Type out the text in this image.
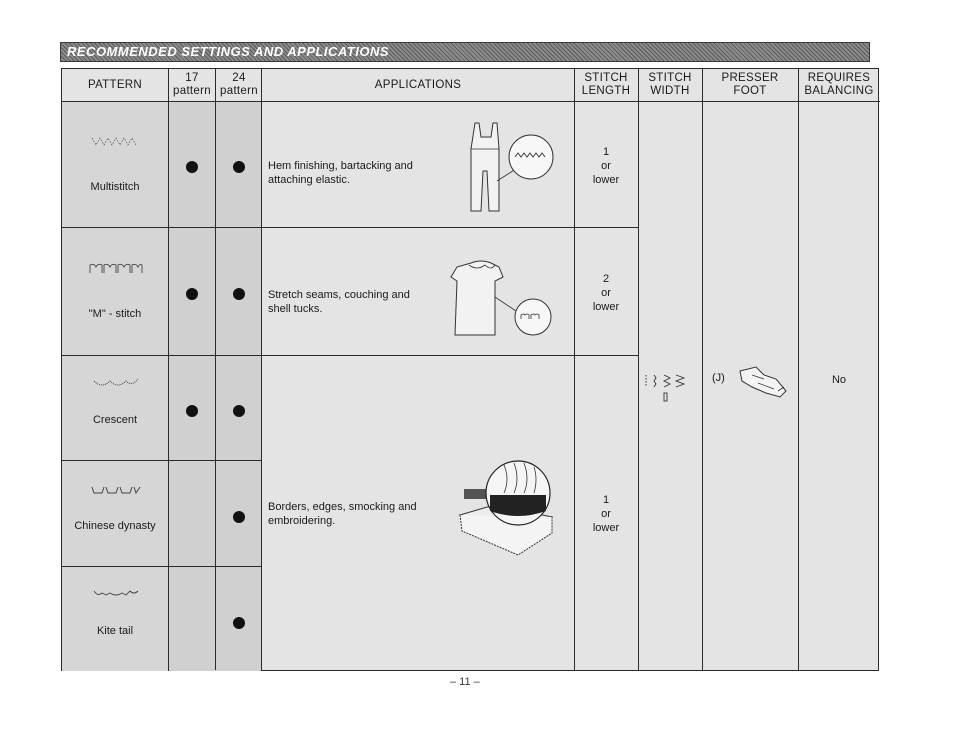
RECOMMENDED SETTINGS AND APPLICATIONS
PATTERN
17
pattern
24
pattern
APPLICATIONS
STITCH
LENGTH
STITCH
WIDTH
PRESSER
FOOT
REQUIRES
BALANCING
Multistitch
"M" - stitch
Crescent
Chinese dynasty
Kite tail
Hem finishing, bartacking and
attaching elastic.
Stretch seams, couching and
shell tucks.
Borders, edges, smocking and
embroidering.
1
or
lower
2
or
lower
1
or
lower
(J)	No
– 11 –
